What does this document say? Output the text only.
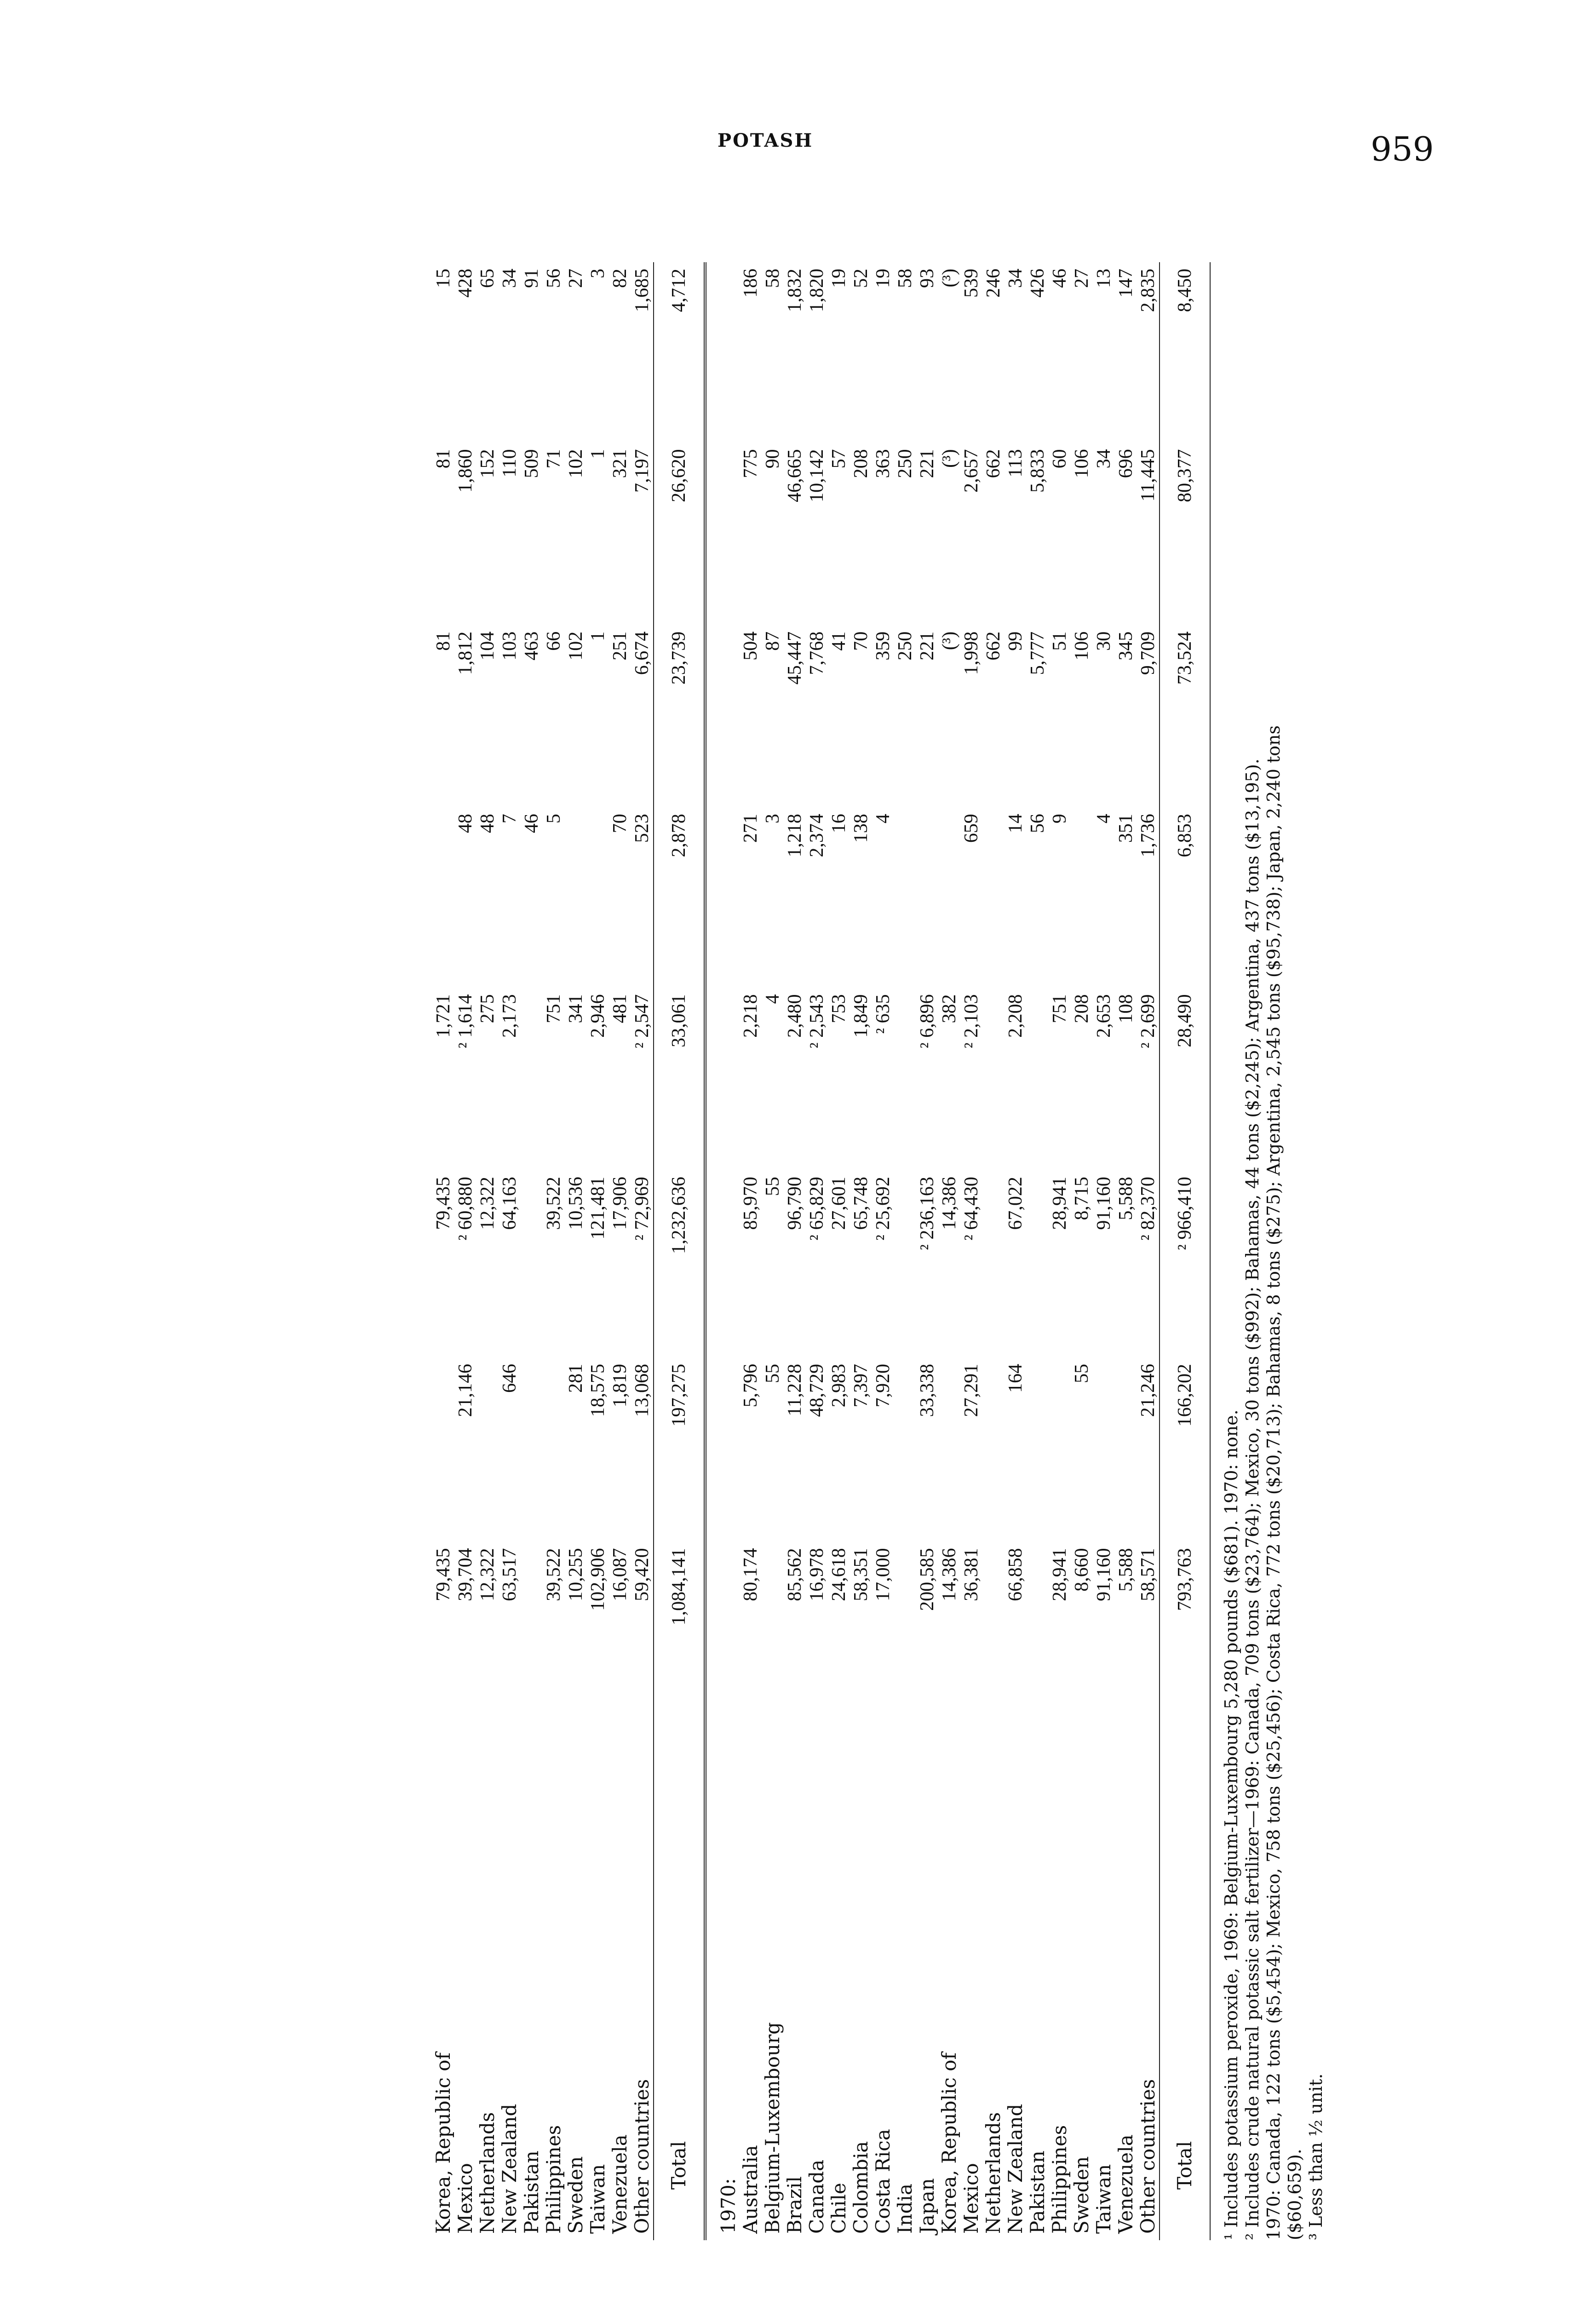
POTASH	959
Korea, Republic of	79,435		79,435	1,721		81	81	15
Mexico	39,704	21,146	² 60,880	² 1,614	48	1,812	1,860	428
Netherlands	12,322		12,322	275	48	104	152	65
New Zealand	63,517	646	64,163	2,173	7	103	110	34
Pakistan					46	463	509	91
Philippines	39,522		39,522	751	5	66	71	56
Sweden	10,255	281	10,536	341		102	102	27
Taiwan	102,906	18,575	121,481	2,946		1	1	3
Venezuela	16,087	1,819	17,906	481	70	251	321	82
Other countries	59,420	13,068	² 72,969	² 2,547	523	6,674	7,197	1,685
Total	1,084,141	197,275	1,232,636	33,061	2,878	23,739	26,620	4,712
1970:								
Australia	80,174	5,796	85,970	2,218	271	504	775	186
Belgium-Luxembourg		55	55	4	3	87	90	58
Brazil	85,562	11,228	96,790	2,480	1,218	45,447	46,665	1,832
Canada	16,978	48,729	² 65,829	² 2,543	2,374	7,768	10,142	1,820
Chile	24,618	2,983	27,601	753	16	41	57	19
Colombia	58,351	7,397	65,748	1,849	138	70	208	52
Costa Rica	17,000	7,920	² 25,692	² 635	4	359	363	19
India						250	250	58
Japan	200,585	33,338	² 236,163	² 6,896		221	221	93
Korea, Republic of	14,386		14,386	382		(³)	(³)	(³)
Mexico	36,381	27,291	² 64,430	² 2,103	659	1,998	2,657	539
Netherlands						662	662	246
New Zealand	66,858	164	67,022	2,208	14	99	113	34
Pakistan					56	5,777	5,833	426
Philippines	28,941		28,941	751	9	51	60	46
Sweden	8,660	55	8,715	208		106	106	27
Taiwan	91,160		91,160	2,653	4	30	34	13
Venezuela	5,588		5,588	108	351	345	696	147
Other countries	58,571	21,246	² 82,370	² 2,699	1,736	9,709	11,445	2,835
Total	793,763	166,202	² 966,410	28,490	6,853	73,524	80,377	8,450

¹ Includes potassium peroxide, 1969: Belgium-Luxembourg 5,280 pounds ($681). 1970: none. ² Includes crude natural potassic salt fertilizer—1969: Canada, 709 tons ($23,764); Mexico, 30 tons ($992); Bahamas, 44 tons ($2,245); Argentina, 437 tons ($13,195). 1970: Canada, 122 tons ($5,454); Mexico, 758 tons ($25,456); Costa Rica, 772 tons ($20,713); Bahamas, 8 tons ($275); Argentina, 2,545 tons ($95,738); Japan, 2,240 tons ($60,659). ³ Less than ½ unit.
